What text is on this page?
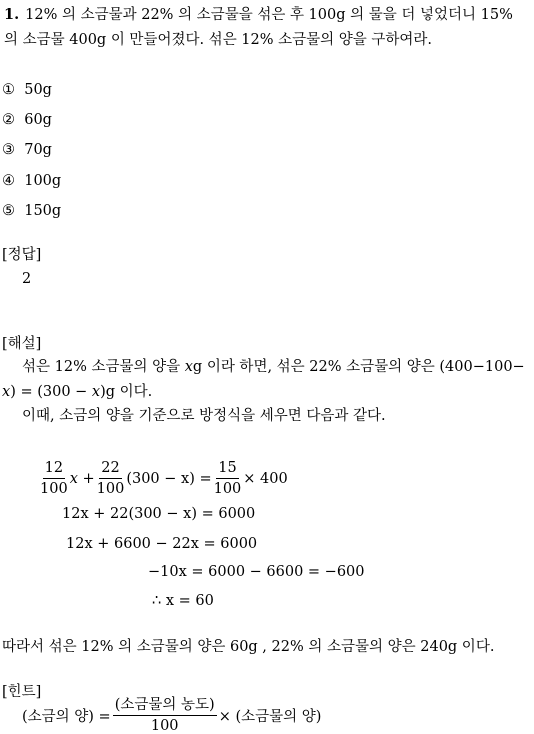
1. 12% 의 소금물과 22% 의 소금물을 섞은 후 100g 의 물을 더 넣었더니 15%
의 소금물 400g 이 만들어졌다. 섞은 12% 소금물의 양을 구하여라.
① 50g
② 60g
③ 70g
④ 100g
⑤ 150g
[정답]
2
[해설]
섞은 12% 소금물의 양을 xg 이라 하면, 섞은 22% 소금물의 양은 (400−100−
x) = (300 − x)g 이다.
이때, 소금의 양을 기준으로 방정식을 세우면 다음과 같다.
$\frac{12}{100}$ $x + \frac{22}{100} (300 - x) = \frac{15}{100} \times 400$
12x + 22(300 − x) = 6000
12x + 6600 − 22x = 6000
−10x = 6000 − 6600 = −600
∴ x = 60
따라서 섞은 12% 의 소금물의 양은 60g , 22% 의 소금물의 양은 240g 이다.
[힌트]
(소금의 양) = $\frac{\text{(소금물의 농도)}}{100}$ × (소금물의 양)
